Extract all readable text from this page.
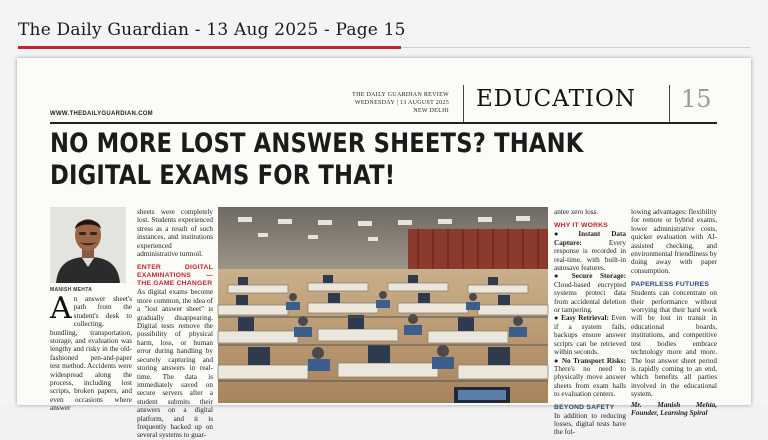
The Daily Guardian - 13 Aug 2025 - Page 15
WWW.THEDAILYGUARDIAN.COM
THE DAILY GUARDIAN REVIEW
WEDNESDAY | 13 AUGUST 2025
NEW DELHI EDUCATION 15
NO MORE LOST ANSWER SHEETS? THANK DIGITAL EXAMS FOR THAT!
MANISH MEHTA

An answer sheet's path from the student's desk to collecting, bundling, transportation, storage, and evaluation was lengthy and risky in the old-fashioned pen-and-paper test method. Accidents were widespread along the process, including lost scripts, broken papers, and even occasions where answer

sheets were completely lost. Students experienced stress as a result of such instances, and institutions experienced administrative turmoil.

ENTER DIGITAL EXAMINATIONS — THE GAME CHANGER

As digital exams become more common, the idea of a "lost answer sheet" is gradually disappearing. Digital tests remove the possibility of physical harm, loss, or human error during handling by securely capturing and storing answers in real-time. The data is immediately saved on secure servers after a student submits their answers on a digital platform, and it is frequently backed up on several systems to guar-

antee zero loss.

WHY IT WORKS

● Instant Data Capture:	Every response is recorded in real-time, with built-in autosave features.

● Secure Storage: Cloud-based encrypted systems protect data from accidental deletion or tampering.

● Easy Retrieval: Even if a system fails, backups ensure answer scripts can be retrieved within seconds.

● No Transport Risks: There's no need to physically move answer sheets from exam halls to evaluation centers.

BEYOND SAFETY

In addition to reducing losses, digital tests have the fol-

lowing advantages: flexibility for remote or hybrid exams, lower administrative costs, quicker evaluation with AI-assisted checking, and environmental friendliness by doing away with paper consumption.

PAPERLESS FUTURES

Students can concentrate on their performance without worrying that their hard work will be lost in transit in educational boards, institutions, and competitive test bodies embrace technology more and more. The lost answer sheet period is rapidly coming to an end, which benefits all parties involved in the educational system.

Mr. Manish Mehta, Founder, Learning Spiral
